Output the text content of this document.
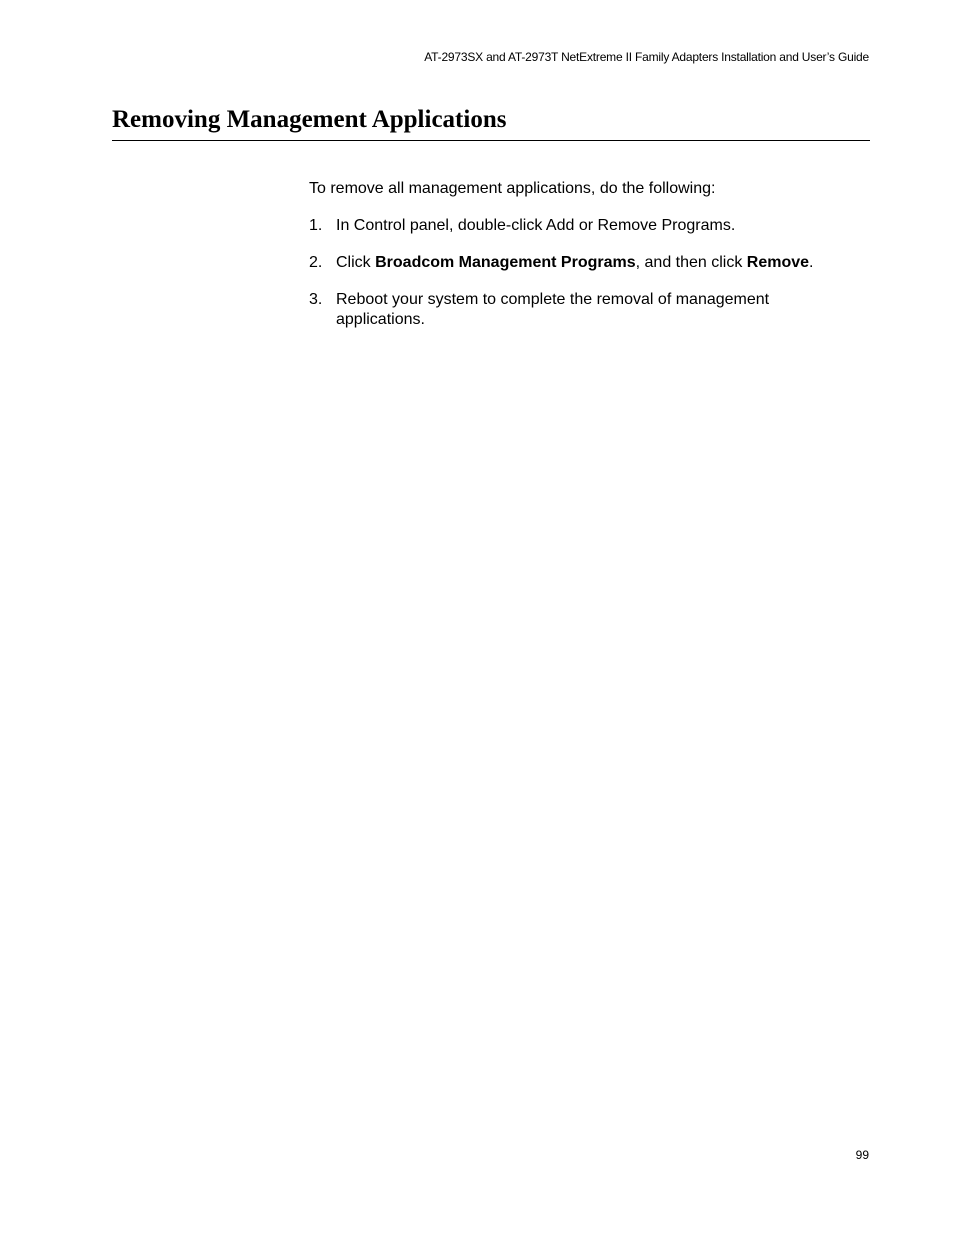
AT-2973SX and AT-2973T NetExtreme II Family Adapters Installation and User’s Guide
Removing Management Applications

To remove all management applications, do the following:

1. In Control panel, double-click Add or Remove Programs.
2. Click Broadcom Management Programs, and then click Remove.
3. Reboot your system to complete the removal of management applications.
99
